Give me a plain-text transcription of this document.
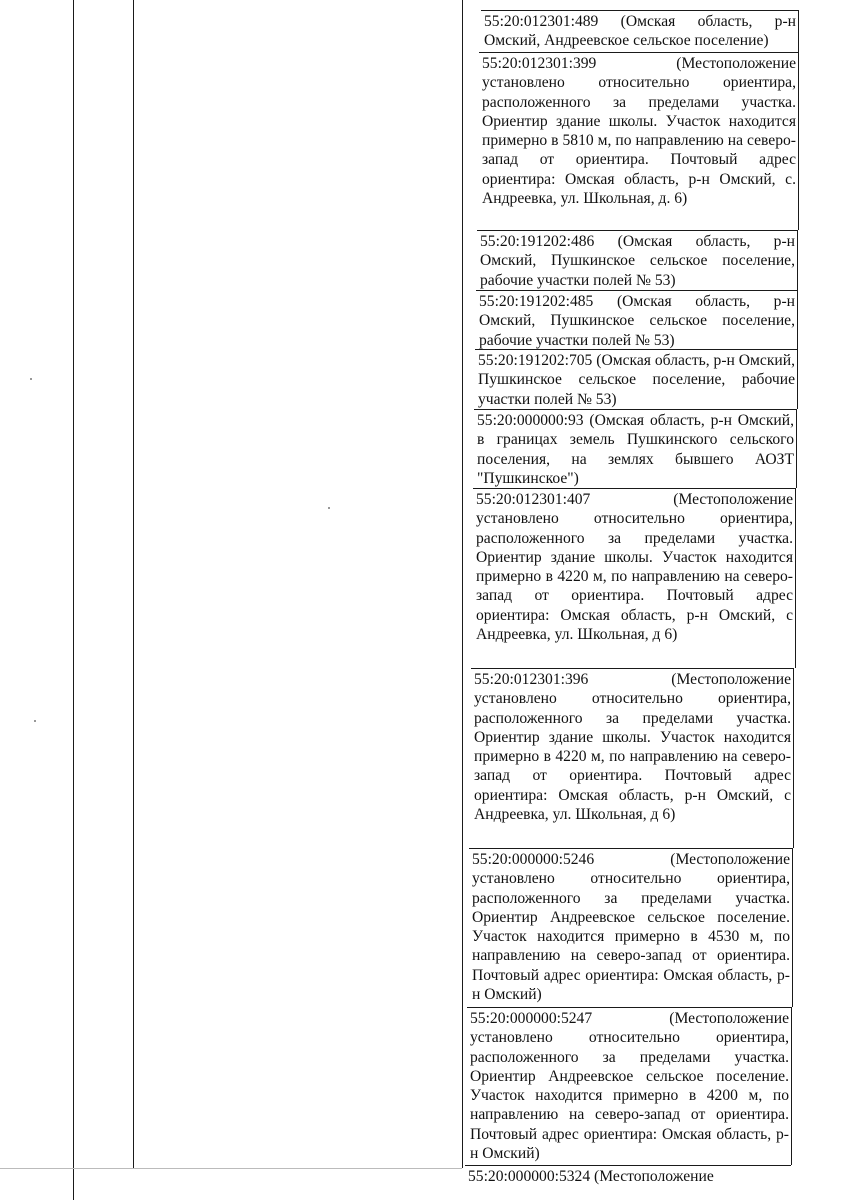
55:20:012301:489 (Омская область, р-н Омский, Андреевское сельское поселение)
55:20:012301:399 (Местоположение установлено относительно ориентира, расположенного за пределами участка. Ориентир здание школы. Участок находится примерно в 5810 м, по направлению на северо-запад от ориентира. Почтовый адрес ориентира: Омская область, р-н Омский, с. Андреевка, ул. Школьная, д. 6)
55:20:191202:486 (Омская область, р-н Омский, Пушкинское сельское поселение, рабочие участки полей № 53)
55:20:191202:485 (Омская область, р-н Омский, Пушкинское сельское поселение, рабочие участки полей № 53)
55:20:191202:705 (Омская область, р-н Омский, Пушкинское сельское поселение, рабочие участки полей № 53)
55:20:000000:93 (Омская область, р-н Омский, в границах земель Пушкинского сельского поселения, на землях бывшего АОЗТ "Пушкинское")
55:20:012301:407 (Местоположение установлено относительно ориентира, расположенного за пределами участка. Ориентир здание школы. Участок находится примерно в 4220 м, по направлению на северо-запад от ориентира. Почтовый адрес ориентира: Омская область, р-н Омский, с Андреевка, ул. Школьная, д 6)
55:20:012301:396 (Местоположение установлено относительно ориентира, расположенного за пределами участка. Ориентир здание школы. Участок находится примерно в 4220 м, по направлению на северо-запад от ориентира. Почтовый адрес ориентира: Омская область, р-н Омский, с Андреевка, ул. Школьная, д 6)
55:20:000000:5246 (Местоположение установлено относительно ориентира, расположенного за пределами участка. Ориентир Андреевское сельское поселение. Участок находится примерно в 4530 м, по направлению на северо-запад от ориентира. Почтовый адрес ориентира: Омская область, р-н Омский)
55:20:000000:5247 (Местоположение установлено относительно ориентира, расположенного за пределами участка. Ориентир Андреевское сельское поселение. Участок находится примерно в 4200 м, по направлению на северо-запад от ориентира. Почтовый адрес ориентира: Омская область, р-н Омский)
55:20:000000:5324 (Местоположение
